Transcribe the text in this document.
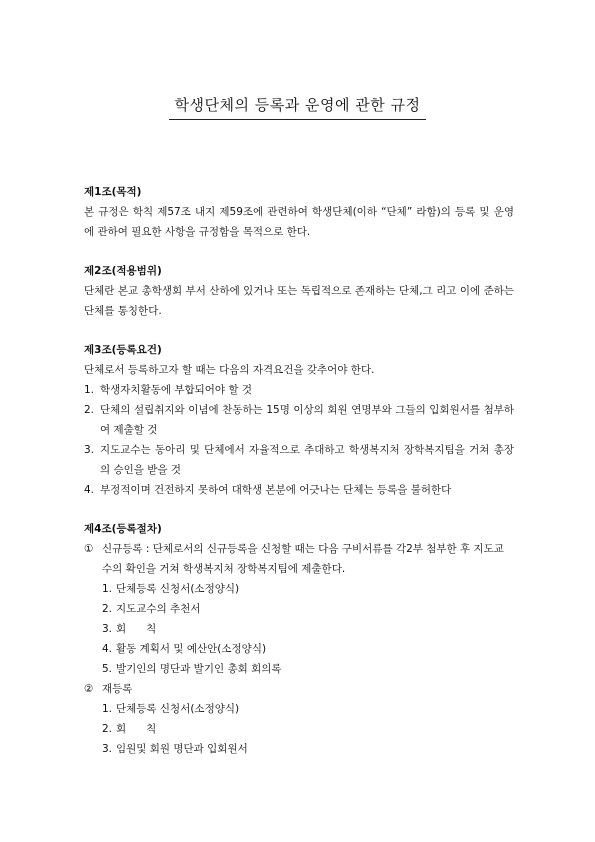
학생단체의 등록과 운영에 관한 규정

제1조(목적)

본 규정은 학칙 제57조 내지 제59조에 관련하여 학생단체(이하 “단체” 라함)의 등록 및 운영에 관하여 필요한 사항을 규정함을 목적으로 한다.

제2조(적용범위)

단체란 본교 총학생회 부서 산하에 있거나 또는 독립적으로 존재하는 단체,그 리고 이에 준하는 단체를 통칭한다.

제3조(등록요건)

단체로서 등록하고자 할 때는 다음의 자격요건을 갖추어야 한다.

1. 학생자치활동에 부합되어야 할 것
2. 단체의 설립취지와 이념에 찬동하는 15명 이상의 회원 연명부와 그들의 입회원서를 첨부하여 제출할 것
3. 지도교수는 동아리 및 단체에서 자율적으로 추대하고 학생복지처 장학복지팀을 거쳐 총장의 승인을 받을 것
4. 부정적이며 건전하지 못하여 대학생 본분에 어긋나는 단체는 등록을 불허한다

제4조(등록절차)

① 신규등록 : 단체로서의 신규등록을 신청할 때는 다음 구비서류를 각2부 첨부한 후 지도교수의 확인을 거쳐 학생복지처 장학복지팀에 제출한다.
1. 단체등록 신청서(소정양식)
2. 지도교수의 추천서
3. 회      칙
4. 활동 계획서 및 예산안(소정양식)
5. 발기인의 명단과 발기인 총회 회의록
② 재등록
1. 단체등록 신청서(소정양식)
2. 회      칙
3. 임원및 회원 명단과 입회원서
